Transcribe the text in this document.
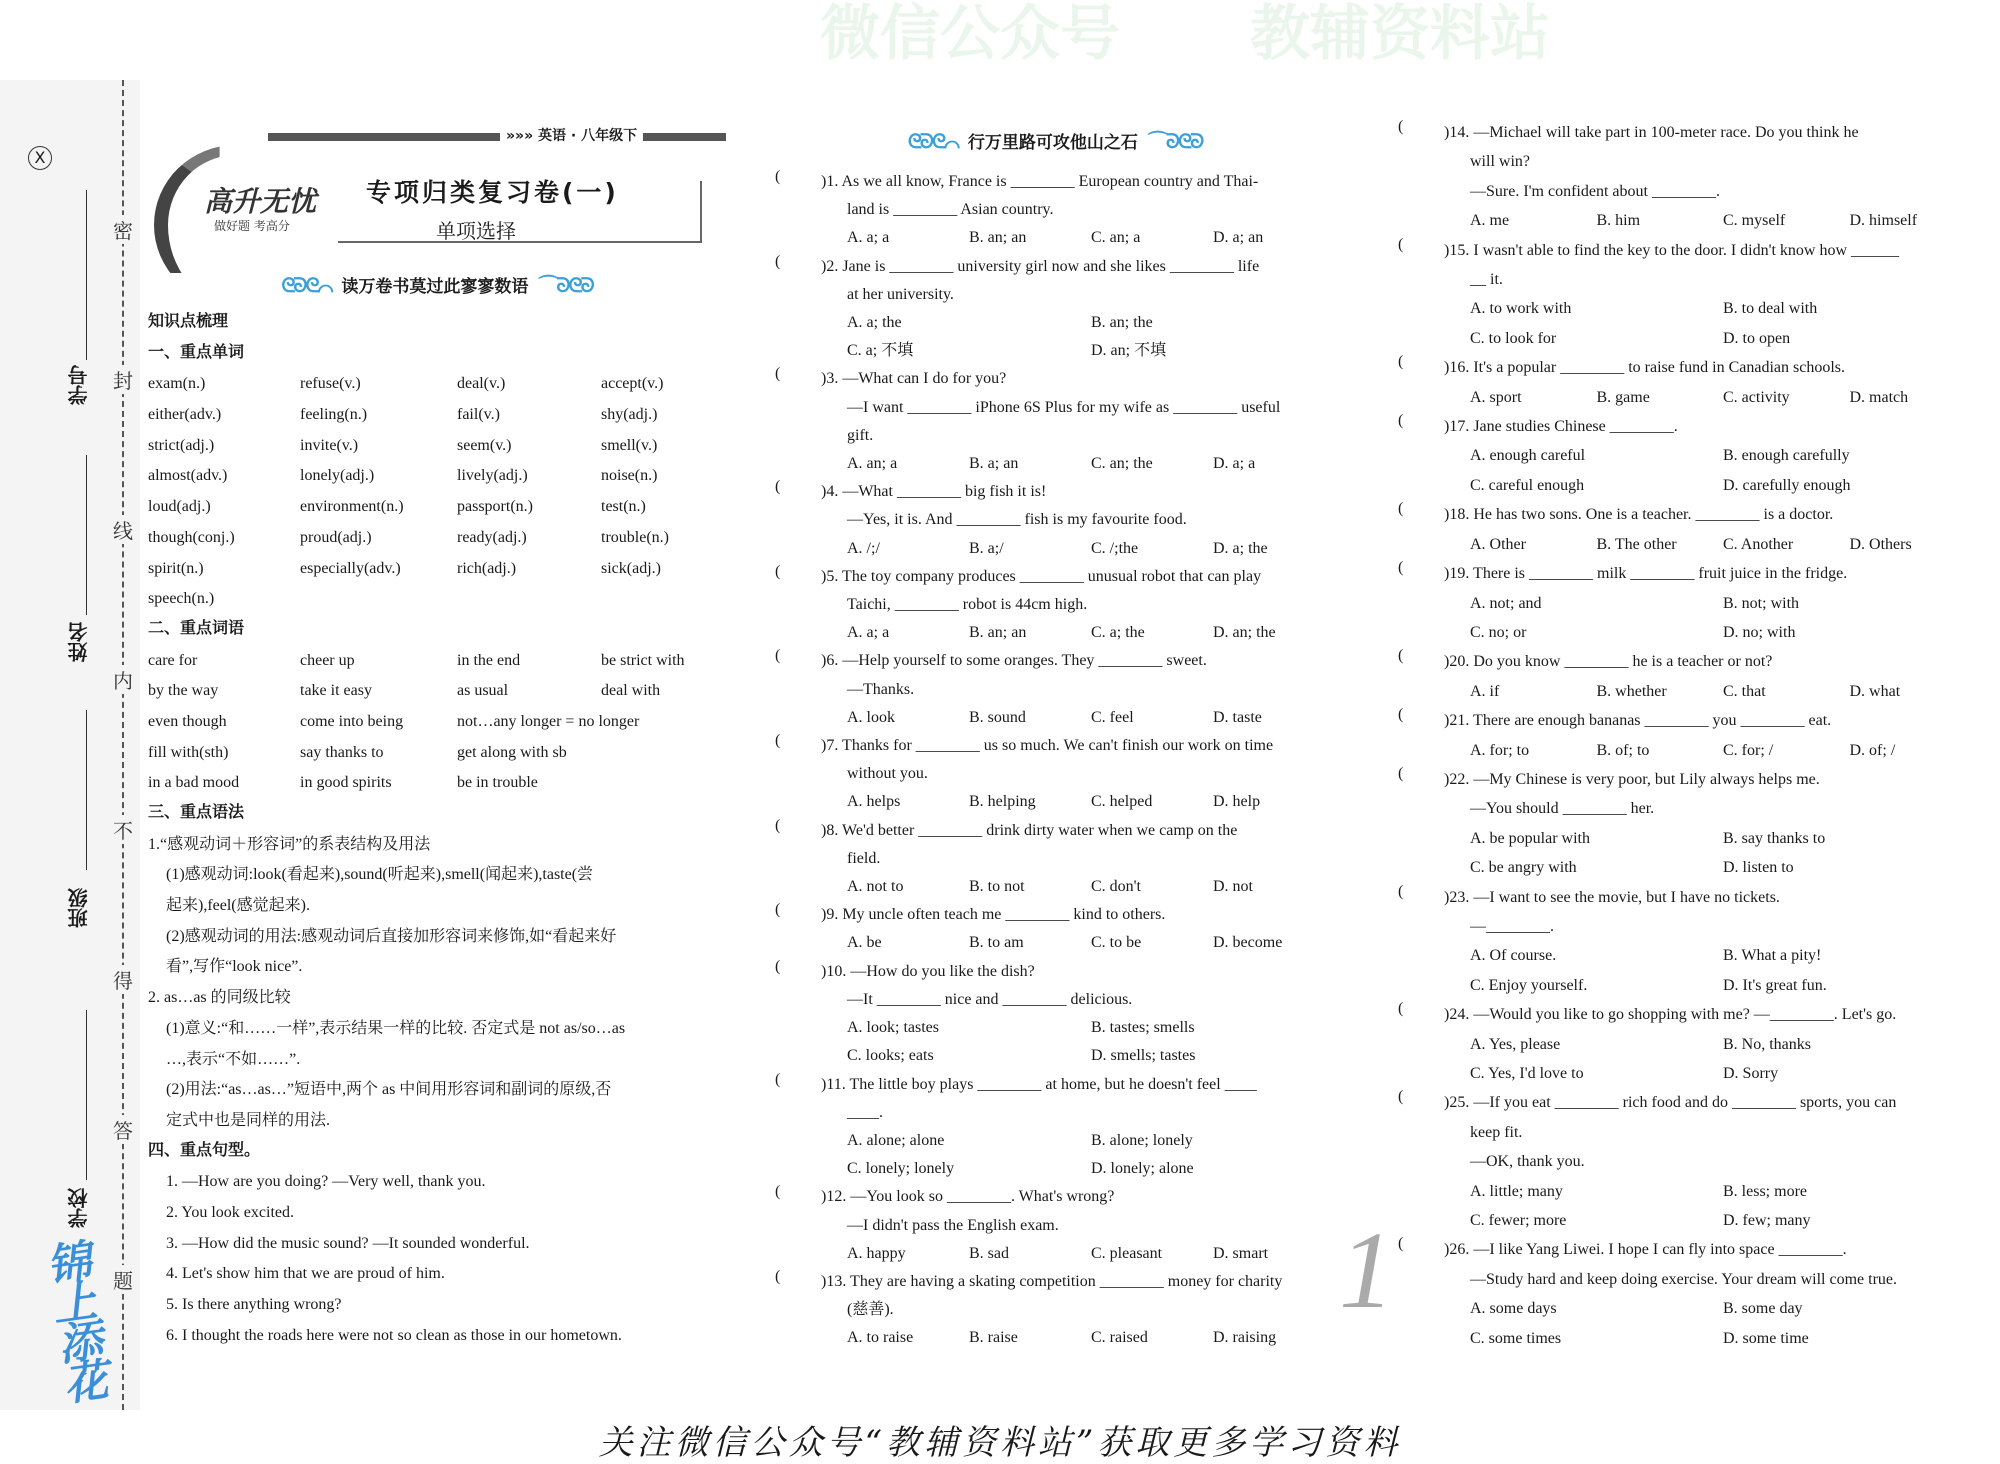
X
学号
姓名
班级
学校
密
封
线
内
不
得
答
题
锦上添花
»»» 英语 · 八年级下
高升无忧
做好题 考高分
专项归类复习卷(一)
单项选择
ᘓᘐᘓ⌒ 读万卷书莫过此寥寥数语 ⌒ᘐᘓᘐ
知识点梳理
一、重点单词
exam(n.)	refuse(v.)	deal(v.)	accept(v.)
either(adv.)	feeling(n.)	fail(v.)	shy(adj.)
strict(adj.)	invite(v.)	seem(v.)	smell(v.)
almost(adv.)	lonely(adj.)	lively(adj.)	noise(n.)
loud(adj.)	environment(n.)	passport(n.)	test(n.)
though(conj.)	proud(adj.)	ready(adj.)	trouble(n.)
spirit(n.)	especially(adv.)	rich(adj.)	sick(adj.)
speech(n.)
二、重点词语
care for	cheer up	in the end	be strict with
by the way	take it easy	as usual	deal with
even though	come into being	not…any longer = no longer
fill with(sth)	say thanks to	get along with sb
in a bad mood	in good spirits	be in trouble
三、重点语法
1.“感观动词＋形容词”的系表结构及用法
(1)感观动词:look(看起来),sound(听起来),smell(闻起来),taste(尝
起来),feel(感觉起来).
(2)感观动词的用法:感观动词后直接加形容词来修饰,如“看起来好
看”,写作“look nice”.
2. as…as 的同级比较
(1)意义:“和……一样”,表示结果一样的比较. 否定式是 not as/so…as
…,表示“不如……”.
(2)用法:“as…as…”短语中,两个 as 中间用形容词和副词的原级,否
定式中也是同样的用法.
四、重点句型。
1. —How are you doing? —Very well, thank you.
2. You look excited.
3. —How did the music sound? —It sounded wonderful.
4. Let's show him that we are proud of him.
5. Is there anything wrong?
6. I thought the roads here were not so clean as those in our hometown.
ᘓᘐᘓ⌒ 行万里路可攻他山之石 ⌒ᘐᘓᘐ
(	)1. As we all know, France is ________ European country and Thai-
land is ________ Asian country.
A. a; a	B. an; an	C. an; a	D. a; an
(	)2. Jane is ________ university girl now and she likes ________ life
at her university.
A. a; the	B. an; the
C. a; 不填	D. an; 不填
(	)3. —What can I do for you?
—I want ________ iPhone 6S Plus for my wife as ________ useful
gift.
A. an; a	B. a; an	C. an; the	D. a; a
(	)4. —What ________ big fish it is!
—Yes, it is. And ________ fish is my favourite food.
A. /;/	B. a;/	C. /;the	D. a; the
(	)5. The toy company produces ________ unusual robot that can play
Taichi, ________ robot is 44cm high.
A. a; a	B. an; an	C. a; the	D. an; the
(	)6. —Help yourself to some oranges. They ________ sweet.
—Thanks.
A. look	B. sound	C. feel	D. taste
(	)7. Thanks for ________ us so much. We can't finish our work on time
without you.
A. helps	B. helping	C. helped	D. help
(	)8. We'd better ________ drink dirty water when we camp on the
field.
A. not to	B. to not	C. don't	D. not
(	)9. My uncle often teach me ________ kind to others.
A. be	B. to am	C. to be	D. become
(	)10. —How do you like the dish?
—It ________ nice and ________ delicious.
A. look; tastes	B. tastes; smells
C. looks; eats	D. smells; tastes
(	)11. The little boy plays ________ at home, but he doesn't feel ____
____.
A. alone; alone	B. alone; lonely
C. lonely; lonely	D. lonely; alone
(	)12. —You look so ________. What's wrong?
—I didn't pass the English exam.
A. happy	B. sad	C. pleasant	D. smart
(	)13. They are having a skating competition ________ money for charity
(慈善).
A. to raise	B. raise	C. raised	D. raising
(	)14. —Michael will take part in 100-meter race. Do you think he
will win?
—Sure. I'm confident about ________.
A. me	B. him	C. myself	D. himself
(	)15. I wasn't able to find the key to the door. I didn't know how ______
__ it.
A. to work with	B. to deal with
C. to look for	D. to open
(	)16. It's a popular ________ to raise fund in Canadian schools.
A. sport	B. game	C. activity	D. match
(	)17. Jane studies Chinese ________.
A. enough careful	B. enough carefully
C. careful enough	D. carefully enough
(	)18. He has two sons. One is a teacher. ________ is a doctor.
A. Other	B. The other	C. Another	D. Others
(	)19. There is ________ milk ________ fruit juice in the fridge.
A. not; and	B. not; with
C. no; or	D. no; with
(	)20. Do you know ________ he is a teacher or not?
A. if	B. whether	C. that	D. what
(	)21. There are enough bananas ________ you ________ eat.
A. for; to	B. of; to	C. for; /	D. of; /
(	)22. —My Chinese is very poor, but Lily always helps me.
—You should ________ her.
A. be popular with	B. say thanks to
C. be angry with	D. listen to
(	)23. —I want to see the movie, but I have no tickets.
—________.
A. Of course.	B. What a pity!
C. Enjoy yourself.	D. It's great fun.
(	)24. —Would you like to go shopping with me? —________. Let's go.
A. Yes, please	B. No, thanks
C. Yes, I'd love to	D. Sorry
(	)25. —If you eat ________ rich food and do ________ sports, you can
keep fit.
—OK, thank you.
A. little; many	B. less; more
C. fewer; more	D. few; many
(	)26. —I like Yang Liwei. I hope I can fly into space ________.
—Study hard and keep doing exercise. Your dream will come true.
A. some days	B. some day
C. some times	D. some time
微信公众号 教辅资料站
1
关注微信公众号“教辅资料站”获取更多学习资料
